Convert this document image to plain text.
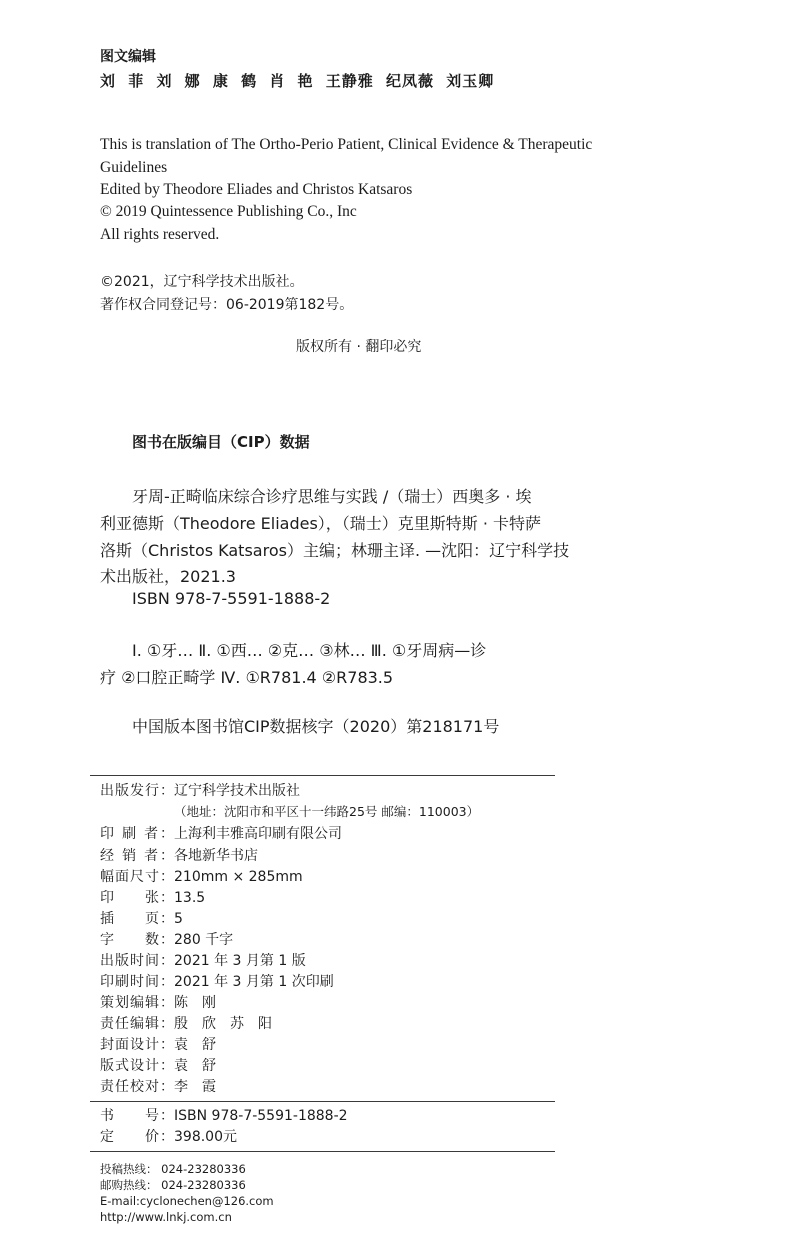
图文编辑
刘 菲 刘 娜 康 鹤 肖 艳 王静雅 纪凤薇 刘玉卿
This is translation of The Ortho-Perio Patient, Clinical Evidence & Therapeutic
Guidelines
Edited by Theodore Eliades and Christos Katsaros
© 2019 Quintessence Publishing Co., Inc
All rights reserved.
©2021，辽宁科学技术出版社。
著作权合同登记号：06-2019第182号。
版权所有 · 翻印必究
图书在版编目（CIP）数据
牙周-正畸临床综合诊疗思维与实践 /（瑞士）西奥多 · 埃
利亚德斯（Theodore Eliades），（瑞士）克里斯特斯 · 卡特萨
洛斯（Christos Katsaros）主编；林珊主译. —沈阳：辽宁科学技
术出版社，2021.3
ISBN 978-7-5591-1888-2
Ⅰ. ①牙… Ⅱ. ①西… ②克… ③林… Ⅲ. ①牙周病—诊
疗 ②口腔正畸学 Ⅳ. ①R781.4 ②R783.5
中国版本图书馆CIP数据核字（2020）第218171号
出版发行：辽宁科学技术出版社
（地址：沈阳市和平区十一纬路25号 邮编：110003）
印 刷 者：上海利丰雅高印刷有限公司
经 销 者：各地新华书店
幅面尺寸：210mm × 285mm
印　　张：13.5
插　　页：5
字　　数：280 千字
出版时间：2021 年 3 月第 1 版
印刷时间：2021 年 3 月第 1 次印刷
策划编辑：陈　刚
责任编辑：殷　欣　苏　阳
封面设计：袁　舒
版式设计：袁　舒
责任校对：李　霞
书　　号：ISBN 978-7-5591-1888-2
定　　价：398.00元
投稿热线： 024-23280336
邮购热线： 024-23280336
E-mail:cyclonechen@126.com
http://www.lnkj.com.cn
